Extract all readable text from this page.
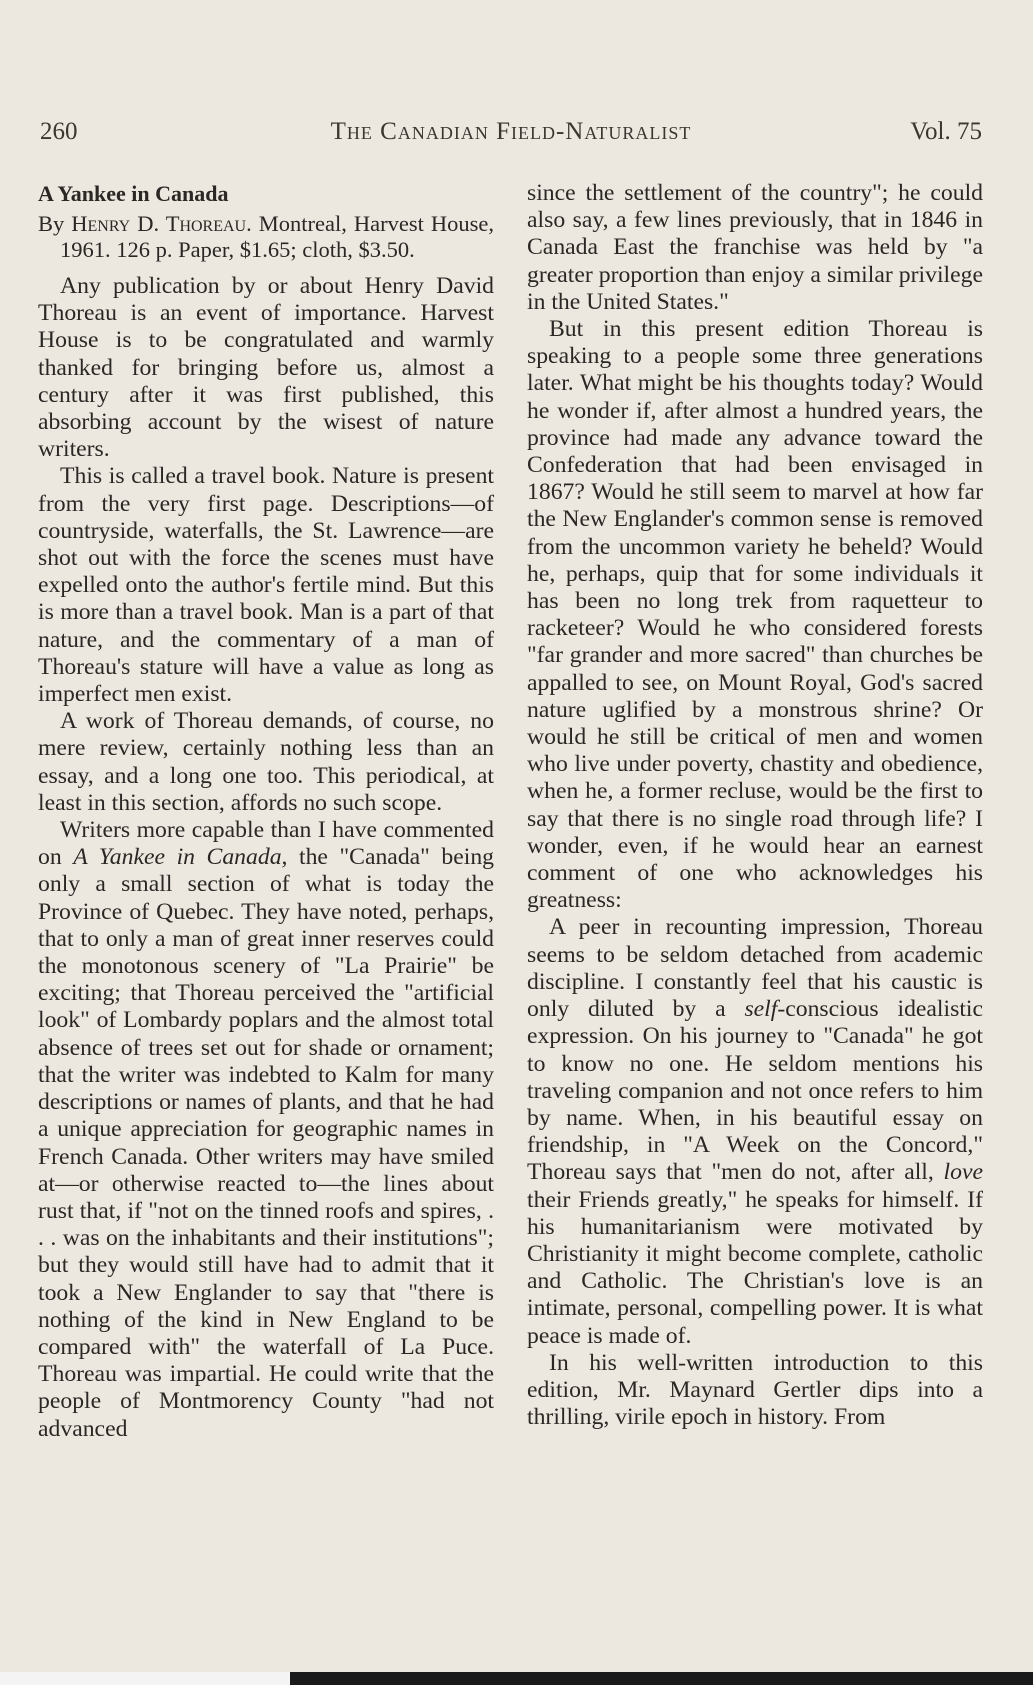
260	The Canadian Field-Naturalist	Vol. 75
A Yankee in Canada
By Henry D. Thoreau. Montreal, Harvest House, 1961. 126 p. Paper, $1.65; cloth, $3.50.

Any publication by or about Henry David Thoreau is an event of importance. Harvest House is to be congratulated and warmly thanked for bringing before us, almost a century after it was first published, this absorbing account by the wisest of nature writers.

This is called a travel book. Nature is present from the very first page. Descriptions—of countryside, waterfalls, the St. Lawrence—are shot out with the force the scenes must have expelled onto the author's fertile mind. But this is more than a travel book. Man is a part of that nature, and the commentary of a man of Thoreau's stature will have a value as long as imperfect men exist.

A work of Thoreau demands, of course, no mere review, certainly nothing less than an essay, and a long one too. This periodical, at least in this section, affords no such scope.

Writers more capable than I have commented on A Yankee in Canada, the "Canada" being only a small section of what is today the Province of Quebec. They have noted, perhaps, that to only a man of great inner reserves could the monotonous scenery of "La Prairie" be exciting; that Thoreau perceived the "artificial look" of Lombardy poplars and the almost total absence of trees set out for shade or ornament; that the writer was indebted to Kalm for many descriptions or names of plants, and that he had a unique appreciation for geographic names in French Canada. Other writers may have smiled at—or otherwise reacted to—the lines about rust that, if "not on the tinned roofs and spires, . . . was on the inhabitants and their institutions"; but they would still have had to admit that it took a New Englander to say that "there is nothing of the kind in New England to be compared with" the waterfall of La Puce. Thoreau was impartial. He could write that the people of Montmorency County "had not advanced

since the settlement of the country"; he could also say, a few lines previously, that in 1846 in Canada East the franchise was held by "a greater proportion than enjoy a similar privilege in the United States."

But in this present edition Thoreau is speaking to a people some three generations later. What might be his thoughts today? Would he wonder if, after almost a hundred years, the province had made any advance toward the Confederation that had been envisaged in 1867? Would he still seem to marvel at how far the New Englander's common sense is removed from the uncommon variety he beheld? Would he, perhaps, quip that for some individuals it has been no long trek from raquetteur to racketeer? Would he who considered forests "far grander and more sacred" than churches be appalled to see, on Mount Royal, God's sacred nature uglified by a monstrous shrine? Or would he still be critical of men and women who live under poverty, chastity and obedience, when he, a former recluse, would be the first to say that there is no single road through life? I wonder, even, if he would hear an earnest comment of one who acknowledges his greatness:

A peer in recounting impression, Thoreau seems to be seldom detached from academic discipline. I constantly feel that his caustic is only diluted by a self-conscious idealistic expression. On his journey to "Canada" he got to know no one. He seldom mentions his traveling companion and not once refers to him by name. When, in his beautiful essay on friendship, in "A Week on the Concord," Thoreau says that "men do not, after all, love their Friends greatly," he speaks for himself. If his humanitarianism were motivated by Christianity it might become complete, catholic and Catholic. The Christian's love is an intimate, personal, compelling power. It is what peace is made of.

In his well-written introduction to this edition, Mr. Maynard Gertler dips into a thrilling, virile epoch in history. From
